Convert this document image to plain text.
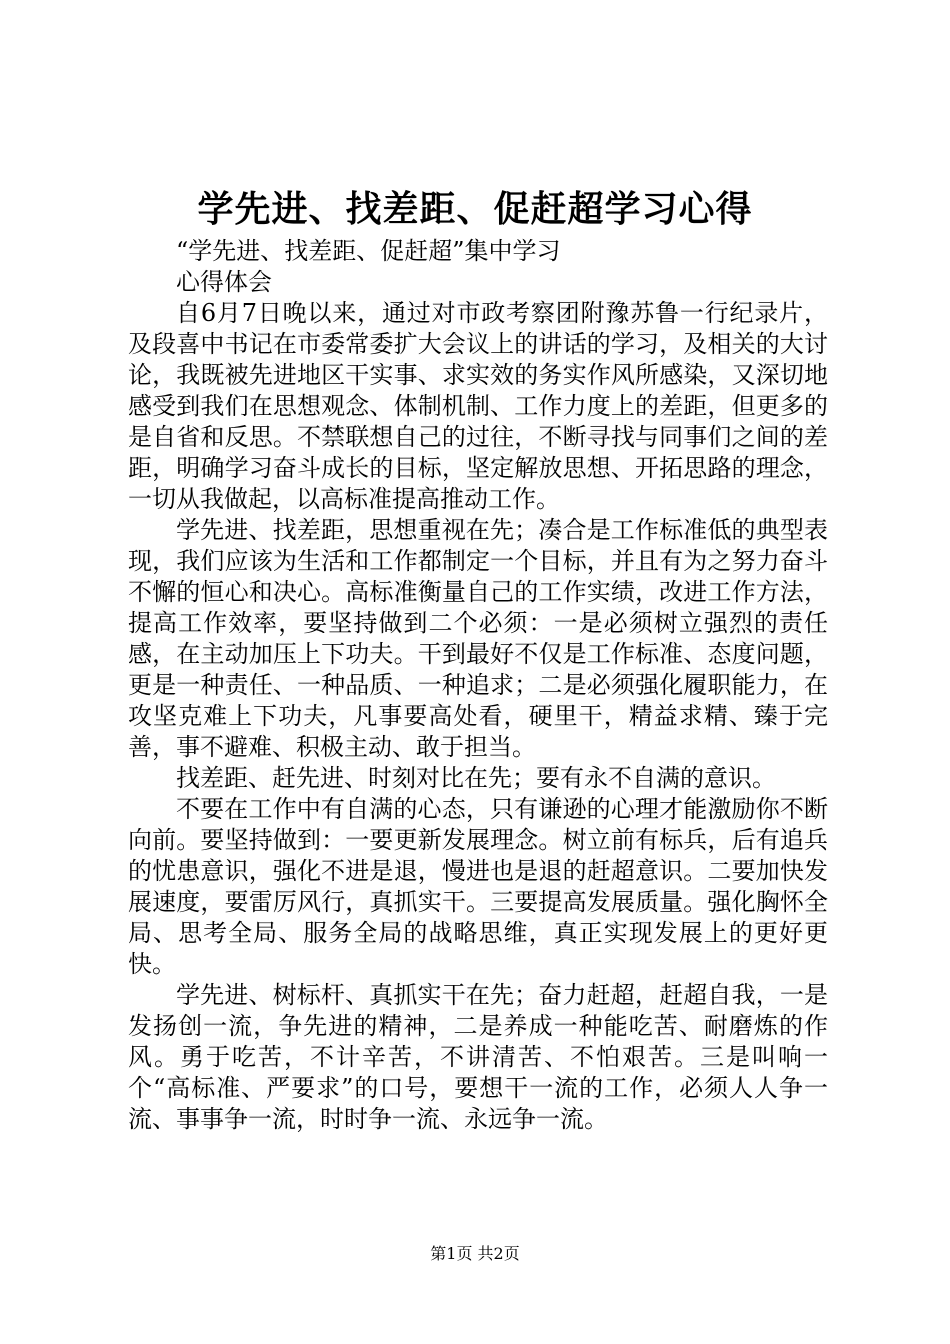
学先进、找差距、促赶超学习心得

“学先进、找差距、促赶超”集中学习

心得体会

自6月7日晚以来，通过对市政考察团附豫苏鲁一行纪录片，及段喜中书记在市委常委扩大会议上的讲话的学习，及相关的大讨论，我既被先进地区干实事、求实效的务实作风所感染，又深切地感受到我们在思想观念、体制机制、工作力度上的差距，但更多的是自省和反思。不禁联想自己的过往，不断寻找与同事们之间的差距，明确学习奋斗成长的目标，坚定解放思想、开拓思路的理念，一切从我做起，以高标准提高推动工作。

学先进、找差距，思想重视在先；凑合是工作标准低的典型表现，我们应该为生活和工作都制定一个目标，并且有为之努力奋斗不懈的恒心和决心。高标准衡量自己的工作实绩，改进工作方法，提高工作效率，要坚持做到二个必须：一是必须树立强烈的责任感，在主动加压上下功夫。干到最好不仅是工作标准、态度问题，更是一种责任、一种品质、一种追求；二是必须强化履职能力，在攻坚克难上下功夫，凡事要高处看，硬里干，精益求精、臻于完善，事不避难、积极主动、敢于担当。

找差距、赶先进、时刻对比在先；要有永不自满的意识。

不要在工作中有自满的心态，只有谦逊的心理才能激励你不断向前。要坚持做到：一要更新发展理念。树立前有标兵，后有追兵的忧患意识，强化不进是退，慢进也是退的赶超意识。二要加快发展速度，要雷厉风行，真抓实干。三要提高发展质量。强化胸怀全局、思考全局、服务全局的战略思维，真正实现发展上的更好更快。

学先进、树标杆、真抓实干在先；奋力赶超，赶超自我，一是发扬创一流，争先进的精神，二是养成一种能吃苦、耐磨炼的作风。勇于吃苦，不计辛苦，不讲清苦、不怕艰苦。三是叫响一个“高标准、严要求”的口号，要想干一流的工作，必须人人争一流、事事争一流，时时争一流、永远争一流。

第1页 共2页
